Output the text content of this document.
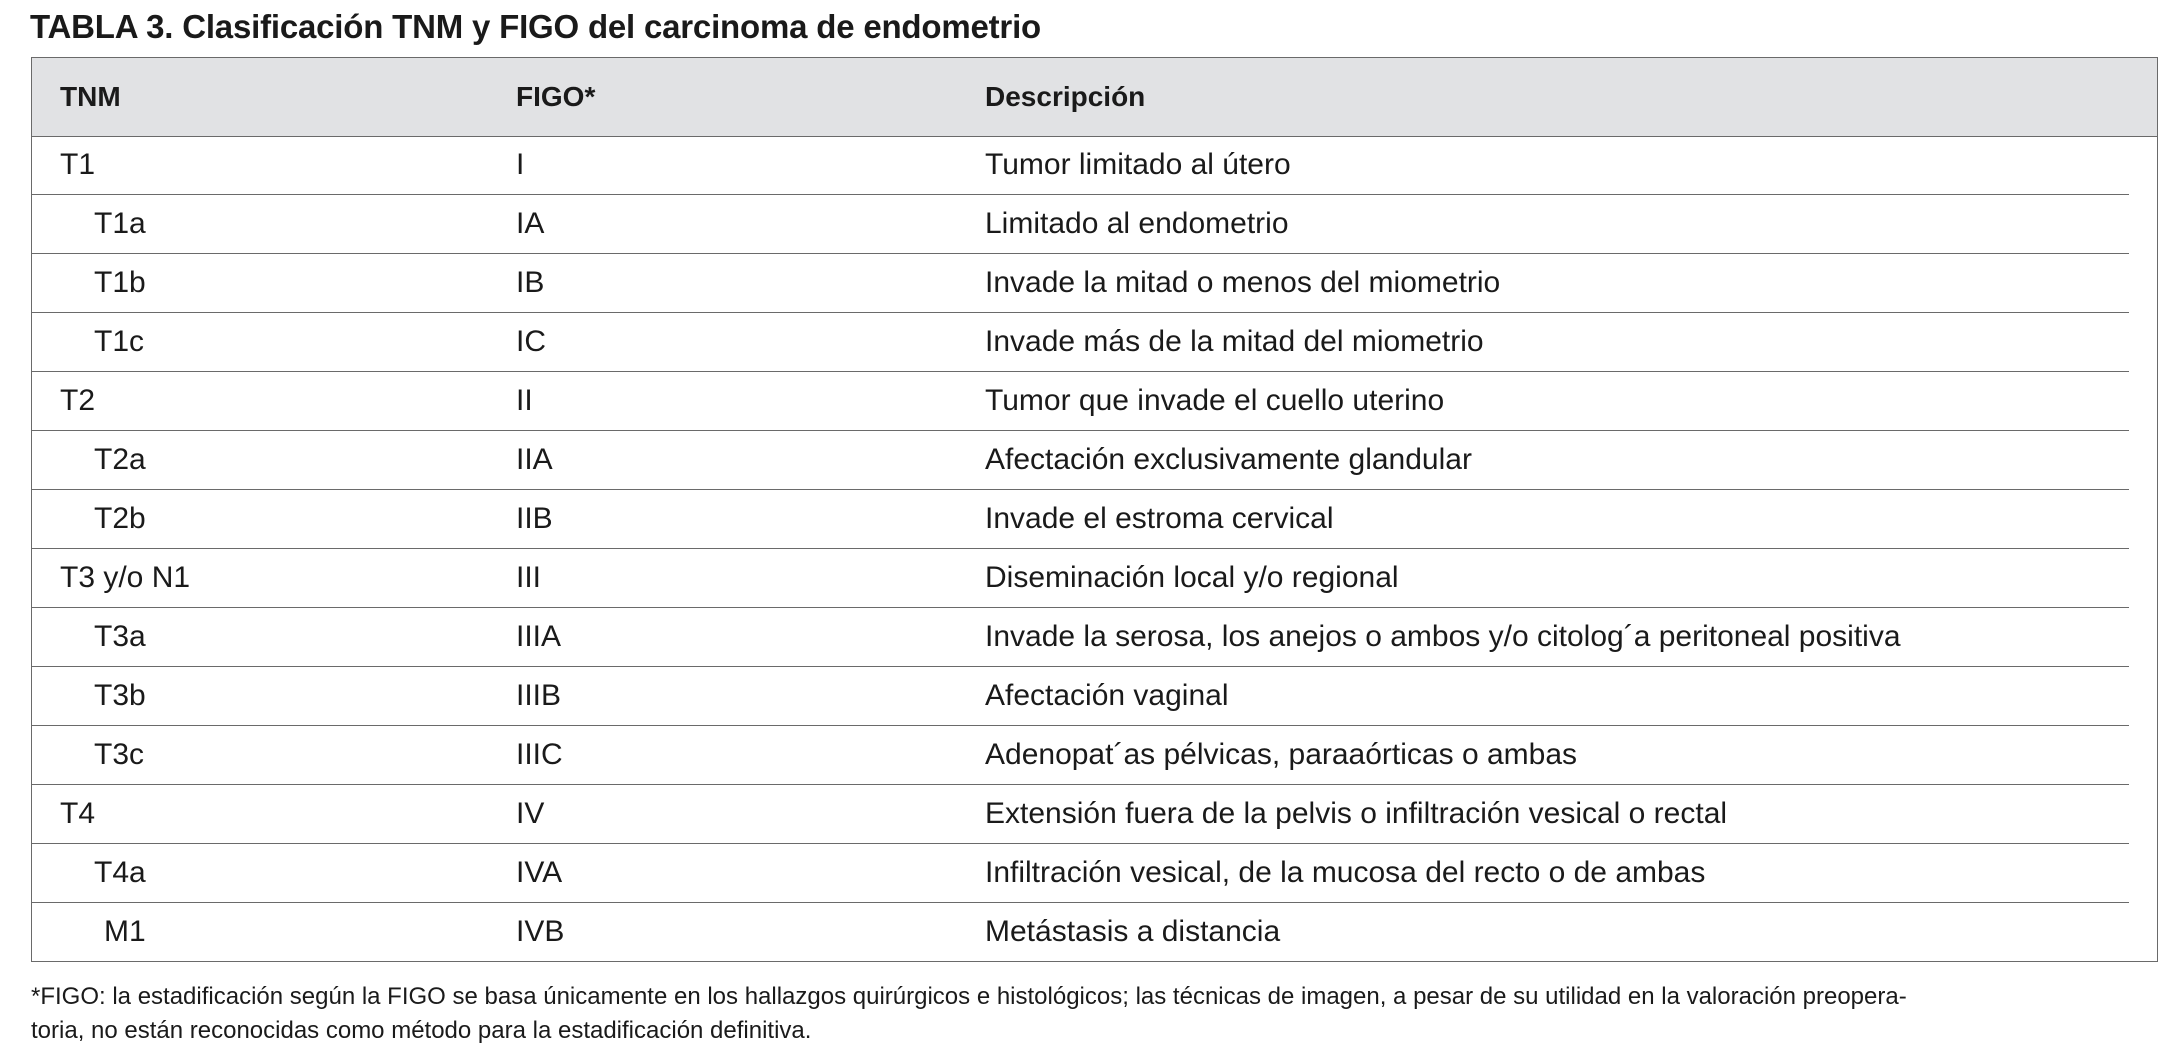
TABLA 3. Clasificación TNM y FIGO del carcinoma de endometrio
TNM	FIGO*	Descripción
T1	I	Tumor limitado al útero
T1a	IA	Limitado al endometrio
T1b	IB	Invade la mitad o menos del miometrio
T1c	IC	Invade más de la mitad del miometrio
T2	II	Tumor que invade el cuello uterino
T2a	IIA	Afectación exclusivamente glandular
T2b	IIB	Invade el estroma cervical
T3 y/o N1	III	Diseminación local y/o regional
T3a	IIIA	Invade la serosa, los anejos o ambos y/o citolog´a peritoneal positiva
T3b	IIIB	Afectación vaginal
T3c	IIIC	Adenopat´as pélvicas, paraaórticas o ambas
T4	IV	Extensión fuera de la pelvis o infiltración vesical o rectal
T4a	IVA	Infiltración vesical, de la mucosa del recto o de ambas
M1	IVB	Metástasis a distancia

*FIGO: la estadificación según la FIGO se basa únicamente en los hallazgos quirúrgicos e histológicos; las técnicas de imagen, a pesar de su utilidad en la valoración preopera-
toria, no están reconocidas como método para la estadificación definitiva.
